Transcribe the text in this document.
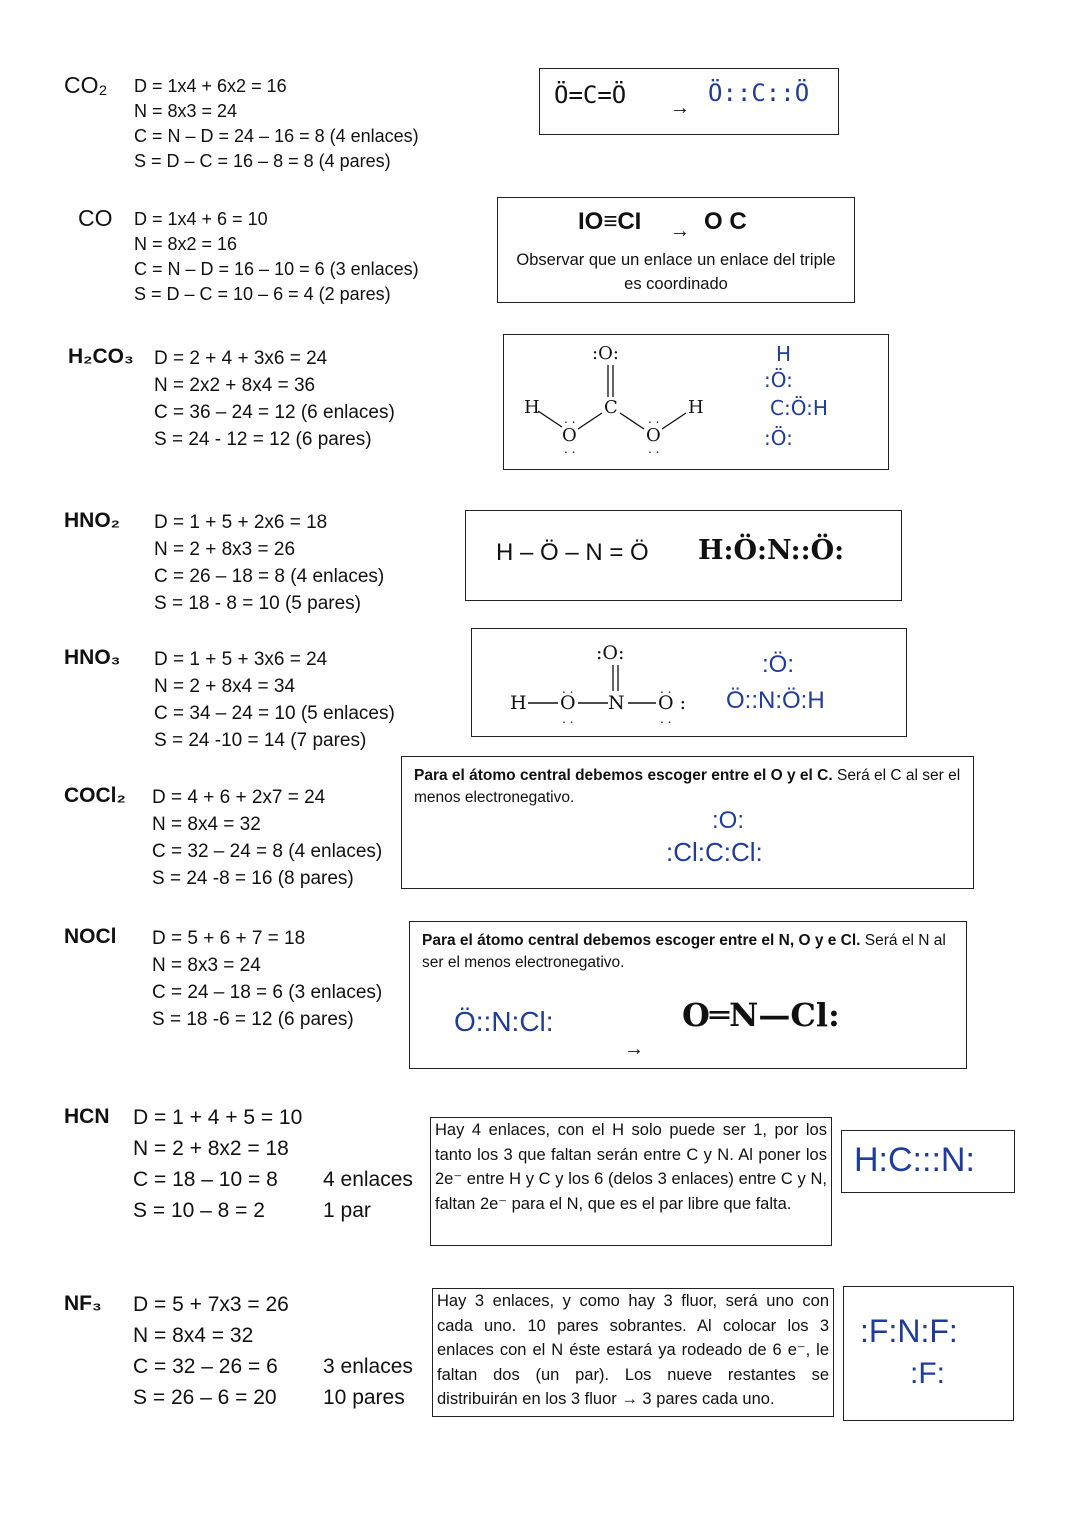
CO₂ D = 1x4 + 6x2 = 16
N = 8x3 = 24
C = N – D = 24 – 16 = 8 (4 enlaces)
S = D – C = 16 – 8 = 8 (4 pares)
Ö=C=Ö →
Ö::C::Ö
CO D = 1x4 + 6 = 10
N = 8x2 = 16
C = N – D = 16 – 10 = 6 (3 enlaces)
S = D – C = 10 – 6 = 4 (2 pares)
IO≡CI → O C
Observar que un enlace un enlace del triple es coordinado
H₂CO₃ D = 2 + 4 + 3x6 = 24
N = 2x2 + 8x4 = 36
C = 36 – 24 = 12 (6 enlaces)
S = 24 - 12 = 12 (6 pares)
:O:
C
H
O
. .
. .
O
. .
. .
H
H
:Ö:
C:Ö:H
:Ö:
HNO₂ D = 1 + 5 + 2x6 = 18
N = 2 + 8x3 = 26
C = 26 – 18 = 8 (4 enlaces)
S = 18 - 8 = 10 (5 pares)
H – Ö – N = Ö H:Ö:N::Ö:
HNO₃ D = 1 + 5 + 3x6 = 24
N = 2 + 8x4 = 34
C = 34 – 24 = 10 (5 enlaces)
S = 24 -10 = 14 (7 pares)
:O:
H O
. .
. .
N O :
. .
. .
:Ö:
Ö::N:Ö:H
COCl₂ D = 4 + 6 + 2x7 = 24
N = 8x4 = 32
C = 32 – 24 = 8 (4 enlaces)
S = 24 -8 = 16 (8 pares)
Para el átomo central debemos escoger entre el O y el C. Será el C al ser el menos electronegativo.
:O:
:Cl:C:Cl:
NOCl D = 5 + 6 + 7 = 18
N = 8x3 = 24
C = 24 – 18 = 6 (3 enlaces)
S = 18 -6 = 12 (6 pares)
Para el átomo central debemos escoger entre el N, O y e Cl. Será el N al ser el menos electronegativo.
Ö::N:Cl:
→
O═N—Cl:
HCN D = 1 + 4 + 5 = 10
N = 2 + 8x2 = 18
C = 18 – 10 = 8 4 enlaces
S = 10 – 8 = 2	1 par
Hay 4 enlaces, con el H solo puede ser 1, por los tanto los 3 que faltan serán entre C y N. Al poner los 2e⁻ entre H y C y los 6 (delos 3 enlaces) entre C y N, faltan 2e⁻ para el N, que es el par libre que falta.
H:C:::N:
NF₃ D = 5 + 7x3 = 26
N = 8x4 = 32
C = 32 – 26 = 6 3 enlaces
S = 26 – 6 = 20 10 pares
Hay 3 enlaces, y como hay 3 fluor, será uno con cada uno. 10 pares sobrantes. Al colocar los 3 enlaces con el N éste estará ya rodeado de 6 e⁻, le faltan dos (un par). Los nueve restantes se distribuirán en los 3 fluor → 3 pares cada uno.
:F:N:F:
:F:
